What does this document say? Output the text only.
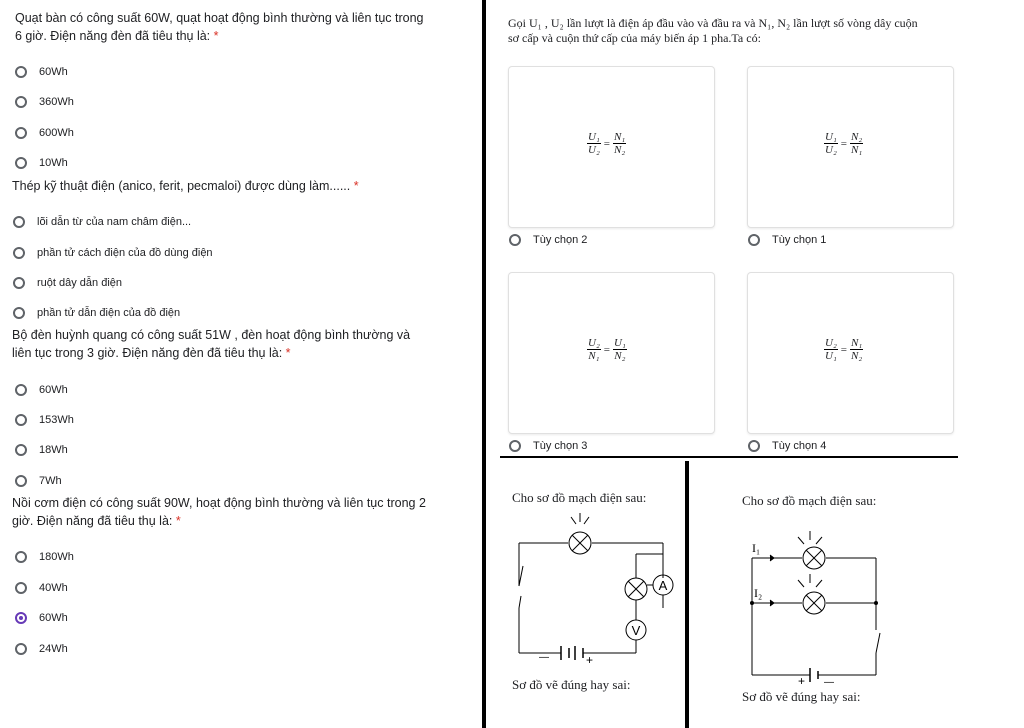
Quạt bàn có công suất 60W, quạt hoạt động bình thường và liên tục trong
6 giờ. Điện năng đèn đã tiêu thụ là: *
60Wh
360Wh
600Wh
10Wh
Thép kỹ thuật điện (anico, ferit, pecmaloi) được dùng làm...... *
lõi dẫn từ của nam châm điện...
phần tử cách điện của đồ dùng điện
ruột dây dẫn điện
phần tử dẫn điện của đồ điện
Bộ đèn huỳnh quang có công suất 51W , đèn hoạt động bình thường và
liên tục trong 3 giờ. Điện năng đèn đã tiêu thụ là: *
60Wh
153Wh
18Wh
7Wh
Nồi cơm điện có công suất 90W, hoạt động bình thường và liên tục trong 2
giờ. Điện năng đã tiêu thụ là: *
180Wh
40Wh
60Wh
24Wh
Gọi U₁ , U₂ lần lượt là điện áp đầu vào và đầu ra và N₁, N₂ lần lượt số vòng dây cuộn
sơ cấp và cuộn thứ cấp của máy biến áp 1 pha.Ta có:
$\frac{\text{U₁}}{\text{U₂}} = \frac{\text{N₁}}{\text{N₂}}$
Tùy chọn 2
$\frac{\text{U₁}}{\text{U₂}} = \frac{\text{N₂}}{\text{N₁}}$
Tùy chọn 1
$\frac{\text{U₂}}{\text{N₁}} = \frac{\text{U₁}}{\text{N₂}}$
Tùy chọn 3
$\frac{\text{U₂}}{\text{U₁}} = \frac{\text{N₁}}{\text{N₂}}$
Tùy chọn 4
Cho sơ đồ mạch điện sau:
A
V
—	+
Sơ đồ vẽ đúng hay sai:
Cho sơ đồ mạch điện sau:
I₁
I₂
+ —
Sơ đồ vẽ đúng hay sai:
